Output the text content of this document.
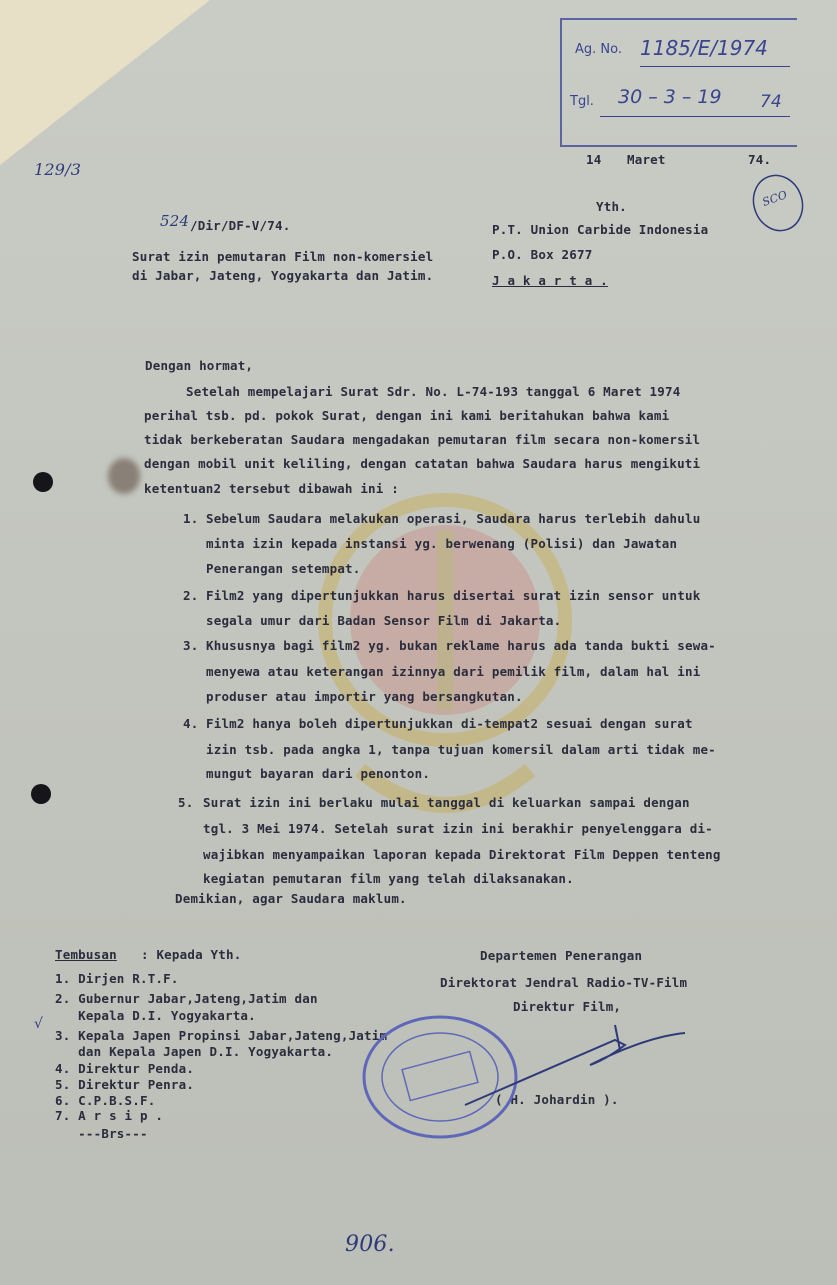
129/3
Ag. No. 1185/E/1974
Tgl. 30 – 3 – 19 74
14 Maret	74.
Yth.
P.T. Union Carbide Indonesia
P.O. Box 2677
J a k a r t a .
SCO
524 /Dir/DF-V/74.
Surat izin pemutaran Film non-komersiel
di Jabar, Jateng, Yogyakarta dan Jatim.
Dengan hormat,
Setelah mempelajari Surat Sdr. No. L-74-193 tanggal 6 Maret 1974
perihal tsb. pd. pokok Surat, dengan ini kami beritahukan bahwa kami
tidak berkeberatan Saudara mengadakan pemutaran film secara non-komersil
dengan mobil unit keliling, dengan catatan bahwa Saudara harus mengikuti
ketentuan2 tersebut dibawah ini :
1. Sebelum Saudara melakukan operasi, Saudara harus terlebih dahulu
minta izin kepada instansi yg. berwenang (Polisi) dan Jawatan
Penerangan setempat.
2. Film2 yang dipertunjukkan harus disertai surat izin sensor untuk
segala umur dari Badan Sensor Film di Jakarta.
3. Khususnya bagi film2 yg. bukan reklame harus ada tanda bukti sewa-
menyewa atau keterangan izinnya dari pemilik film, dalam hal ini
produser atau importir yang bersangkutan.
4. Film2 hanya boleh dipertunjukkan di-tempat2 sesuai dengan surat
izin tsb. pada angka 1, tanpa tujuan komersil dalam arti tidak me-
mungut bayaran dari penonton.
5. Surat izin ini berlaku mulai tanggal di keluarkan sampai dengan
tgl. 3 Mei 1974. Setelah surat izin ini berakhir penyelenggara di-
wajibkan menyampaikan laporan kepada Direktorat Film Deppen tenteng
kegiatan pemutaran film yang telah dilaksanakan.
Demikian, agar Saudara maklum.
Tembusan : Kepada Yth.
1. Dirjen R.T.F.
2. Gubernur Jabar,Jateng,Jatim dan
Kepala D.I. Yogyakarta.
√
3. Kepala Japen Propinsi Jabar,Jateng,Jatim
dan Kepala Japen D.I. Yogyakarta.
4. Direktur Penda.
5. Direktur Penra.
6. C.P.B.S.F.
7. A r s i p .
---Brs---
Departemen Penerangan
Direktorat Jendral Radio-TV-Film
Direktur Film,
( H. Johardin ).
906.
